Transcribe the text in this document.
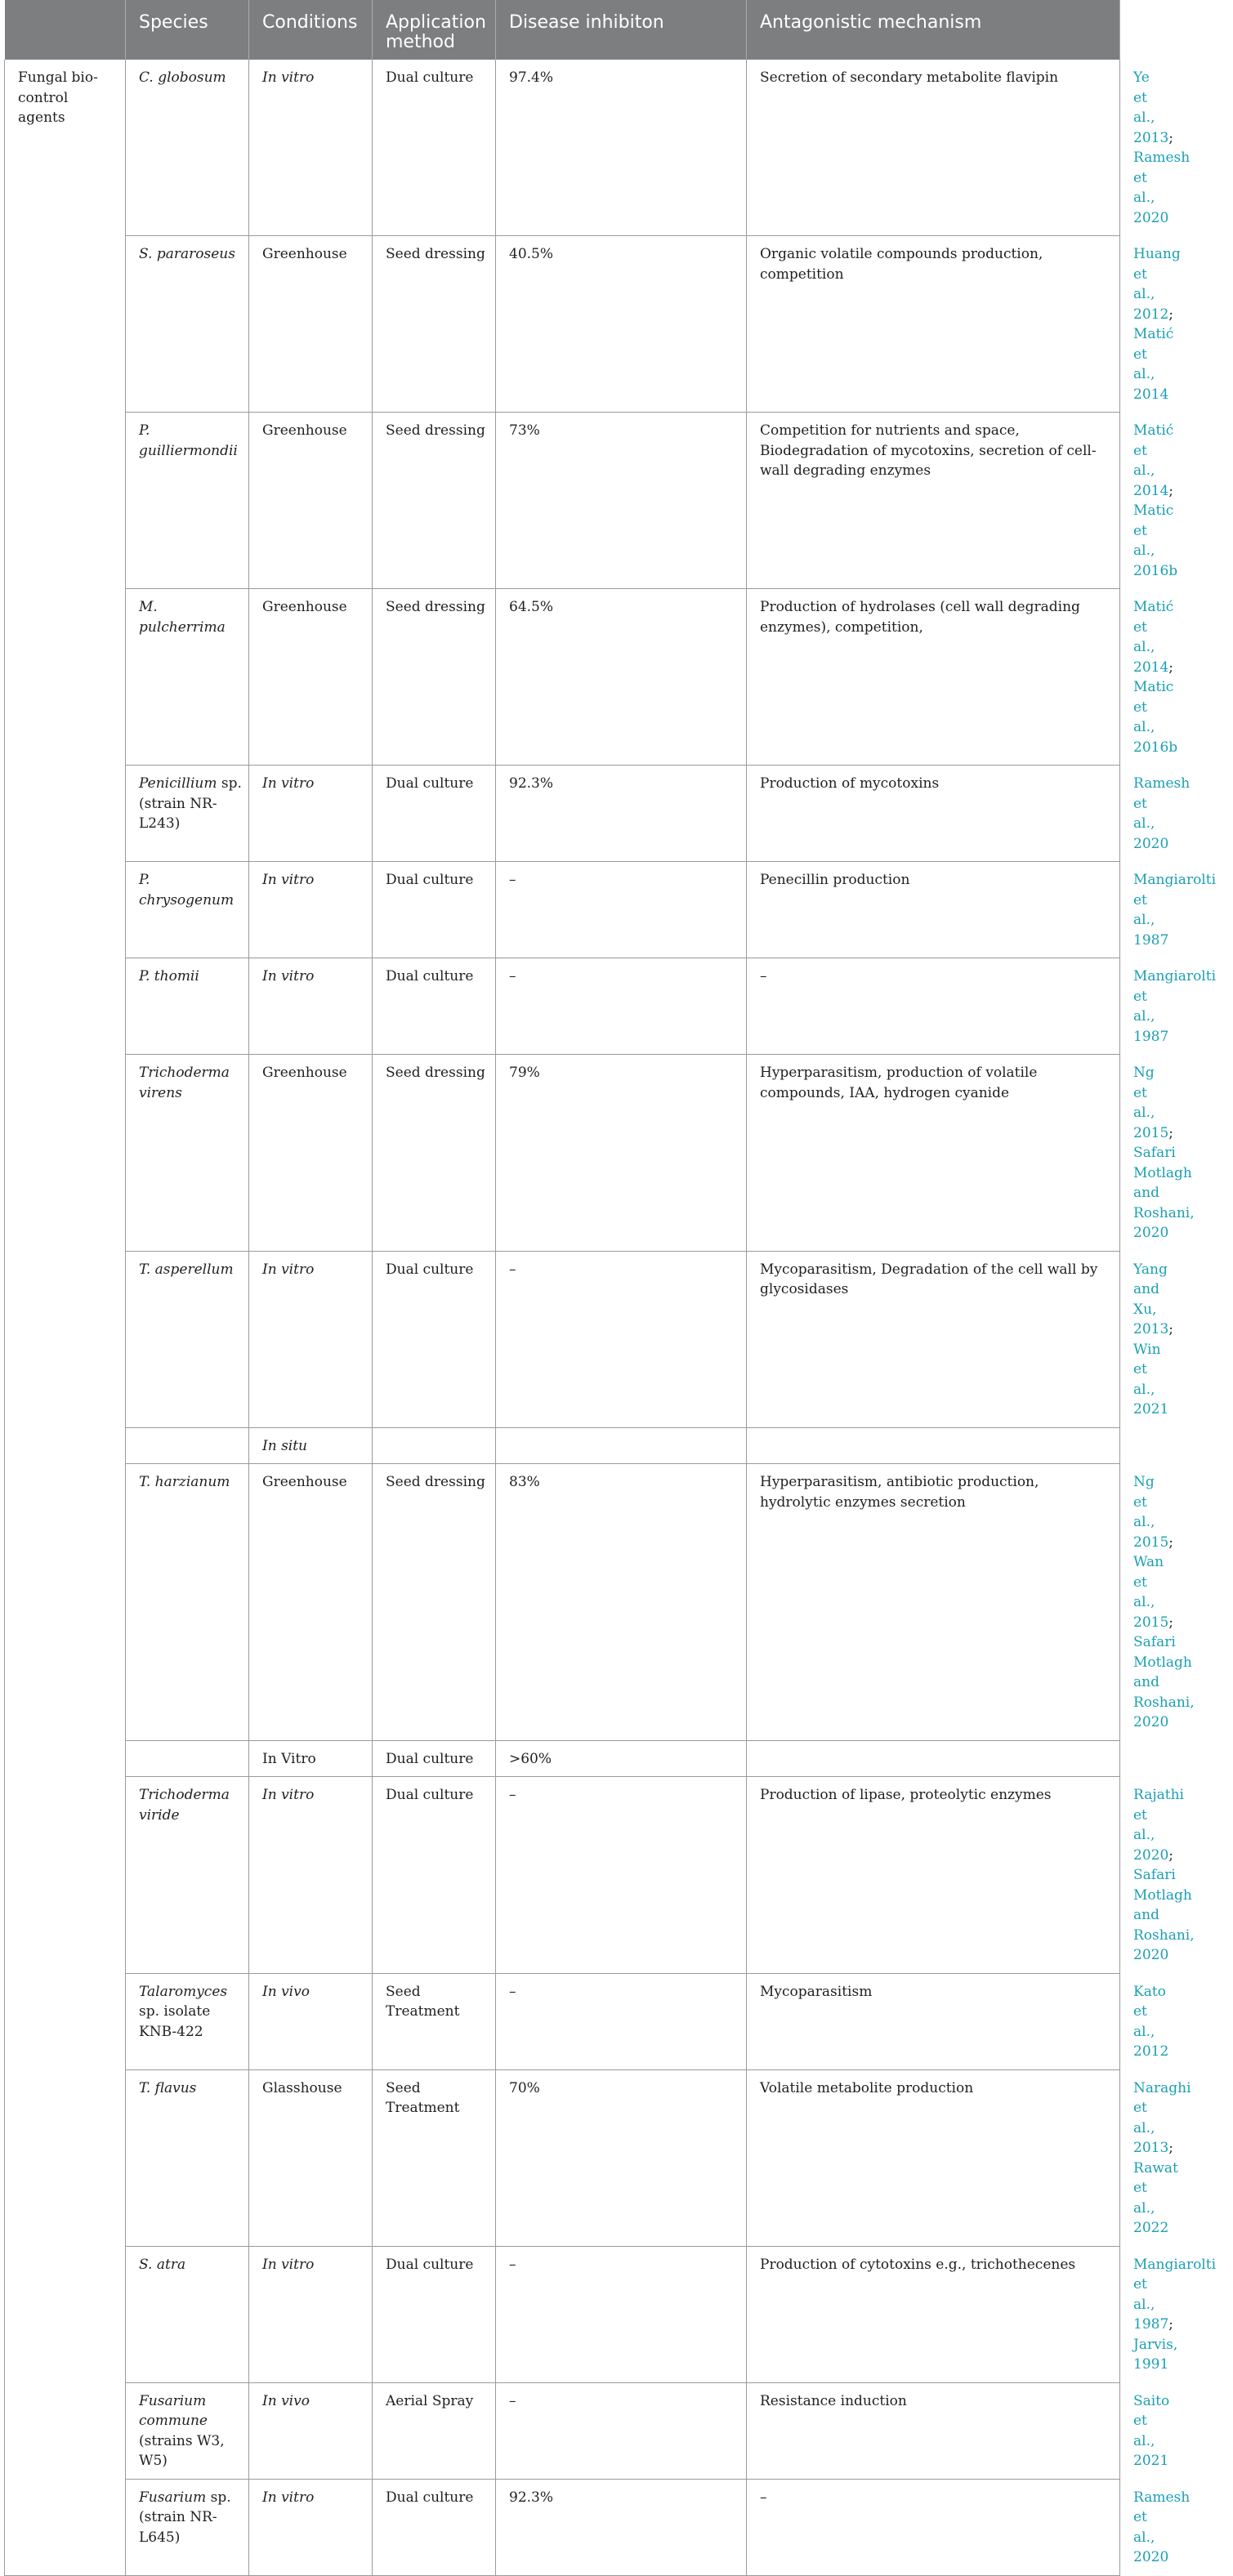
	Species	Conditions	Application method	Disease inhibiton	Antagonistic mechanism	References
Fungal bio-control agents	C. globosum	In vitro	Dual culture	97.4%	Secretion of secondary metabolite flavipin	Ye et al., 2013; Ramesh et al., 2020
	S. pararoseus	Greenhouse	Seed dressing	40.5%	Organic volatile compounds production, competition	Huang et al., 2012; Matić et al., 2014
	P. guilliermondii	Greenhouse	Seed dressing	73%	Competition for nutrients and space, Biodegradation of mycotoxins, secretion of cell-wall degrading enzymes	Matić et al., 2014; Matic et al., 2016b
	M. pulcherrima	Greenhouse	Seed dressing	64.5%	Production of hydrolases (cell wall degrading enzymes), competition,	Matić et al., 2014; Matic et al., 2016b
	Penicillium sp. (strain NR-L243)	In vitro	Dual culture	92.3%	Production of mycotoxins	Ramesh et al., 2020
	P. chrysogenum	In vitro	Dual culture	–	Penecillin production	Mangiarolti et al., 1987
	P. thomii	In vitro	Dual culture	–	–	Mangiarolti et al., 1987
	Trichoderma virens	Greenhouse	Seed dressing	79%	Hyperparasitism, production of volatile compounds, IAA, hydrogen cyanide	Ng et al., 2015; Safari Motlagh and Roshani, 2020
	T. asperellum	In vitro	Dual culture	–	Mycoparasitism, Degradation of the cell wall by glycosidases	Yang and Xu, 2013; Win et al., 2021
		In situ				
	T. harzianum	Greenhouse	Seed dressing	83%	Hyperparasitism, antibiotic production, hydrolytic enzymes secretion	Ng et al., 2015; Wan et al., 2015; Safari Motlagh and Roshani, 2020
		In Vitro	Dual culture	>60%		
	Trichoderma viride	In vitro	Dual culture	–	Production of lipase, proteolytic enzymes	Rajathi et al., 2020; Safari Motlagh and Roshani, 2020
	Talaromyces sp. isolate KNB-422	In vivo	Seed Treatment	–	Mycoparasitism	Kato et al., 2012
	T. flavus	Glasshouse	Seed Treatment	70%	Volatile metabolite production	Naraghi et al., 2013; Rawat et al., 2022
	S. atra	In vitro	Dual culture	–	Production of cytotoxins e.g., trichothecenes	Mangiarolti et al., 1987; Jarvis, 1991
	Fusarium commune (strains W3, W5)	In vivo	Aerial Spray	–	Resistance induction	Saito et al., 2021
	Fusarium sp. (strain NR-L645)	In vitro	Dual culture	92.3%	–	Ramesh et al., 2020
